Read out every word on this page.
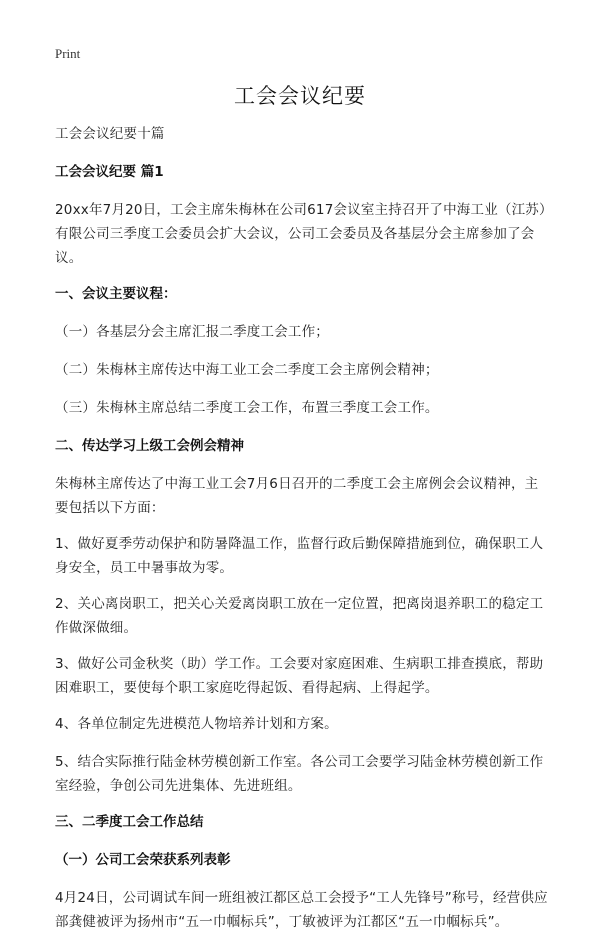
Print
工会会议纪要

工会会议纪要十篇

工会会议纪要 篇1

20xx年7月20日，工会主席朱梅林在公司617会议室主持召开了中海工业（江苏）有限公司三季度工会委员会扩大会议，公司工会委员及各基层分会主席参加了会议。

一、会议主要议程：

（一）各基层分会主席汇报二季度工会工作；

（二）朱梅林主席传达中海工业工会二季度工会主席例会精神；

（三）朱梅林主席总结二季度工会工作，布置三季度工会工作。

二、传达学习上级工会例会精神

朱梅林主席传达了中海工业工会7月6日召开的二季度工会主席例会会议精神，主要包括以下方面：

1、做好夏季劳动保护和防暑降温工作，监督行政后勤保障措施到位，确保职工人身安全，员工中暑事故为零。

2、关心离岗职工，把关心关爱离岗职工放在一定位置，把离岗退养职工的稳定工作做深做细。

3、做好公司金秋奖（助）学工作。工会要对家庭困难、生病职工排查摸底，帮助困难职工，要使每个职工家庭吃得起饭、看得起病、上得起学。

4、各单位制定先进模范人物培养计划和方案。

5、结合实际推行陆金林劳模创新工作室。各公司工会要学习陆金林劳模创新工作室经验，争创公司先进集体、先进班组。

三、二季度工会工作总结

（一）公司工会荣获系列表彰

4月24日，公司调试车间一班组被江都区总工会授予“工人先锋号”称号，经营供应部龚健被评为扬州市“五一巾帼标兵”，丁敏被评为江都区“五一巾帼标兵”。
